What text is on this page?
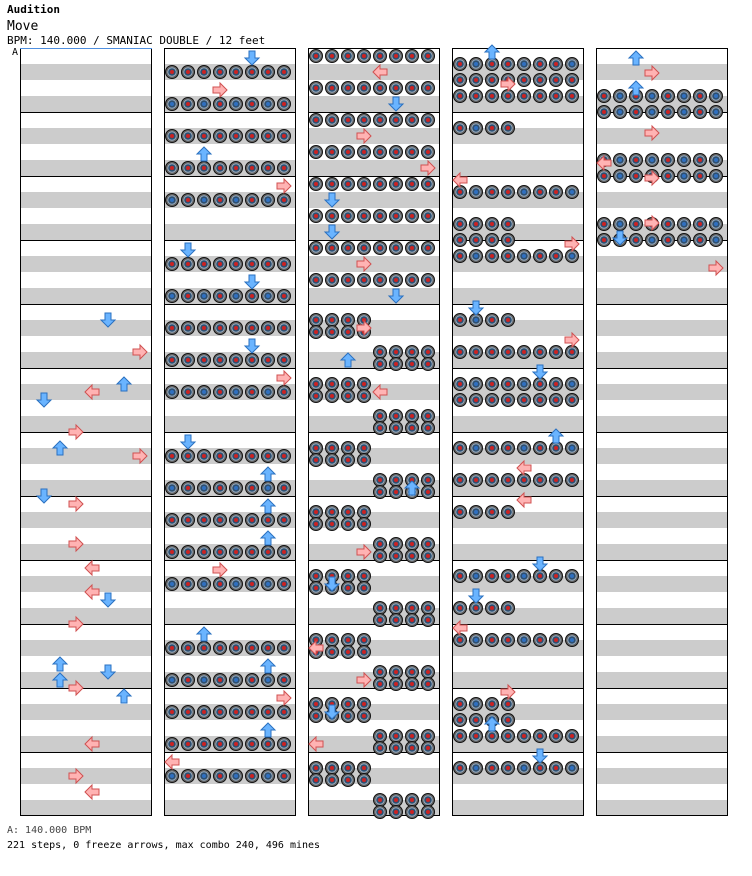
Audition
Move
BPM: 140.000 / SMANIAC DOUBLE / 12 feet
A
A: 140.000 BPM
221 steps, 0 freeze arrows, max combo 240, 496 mines
